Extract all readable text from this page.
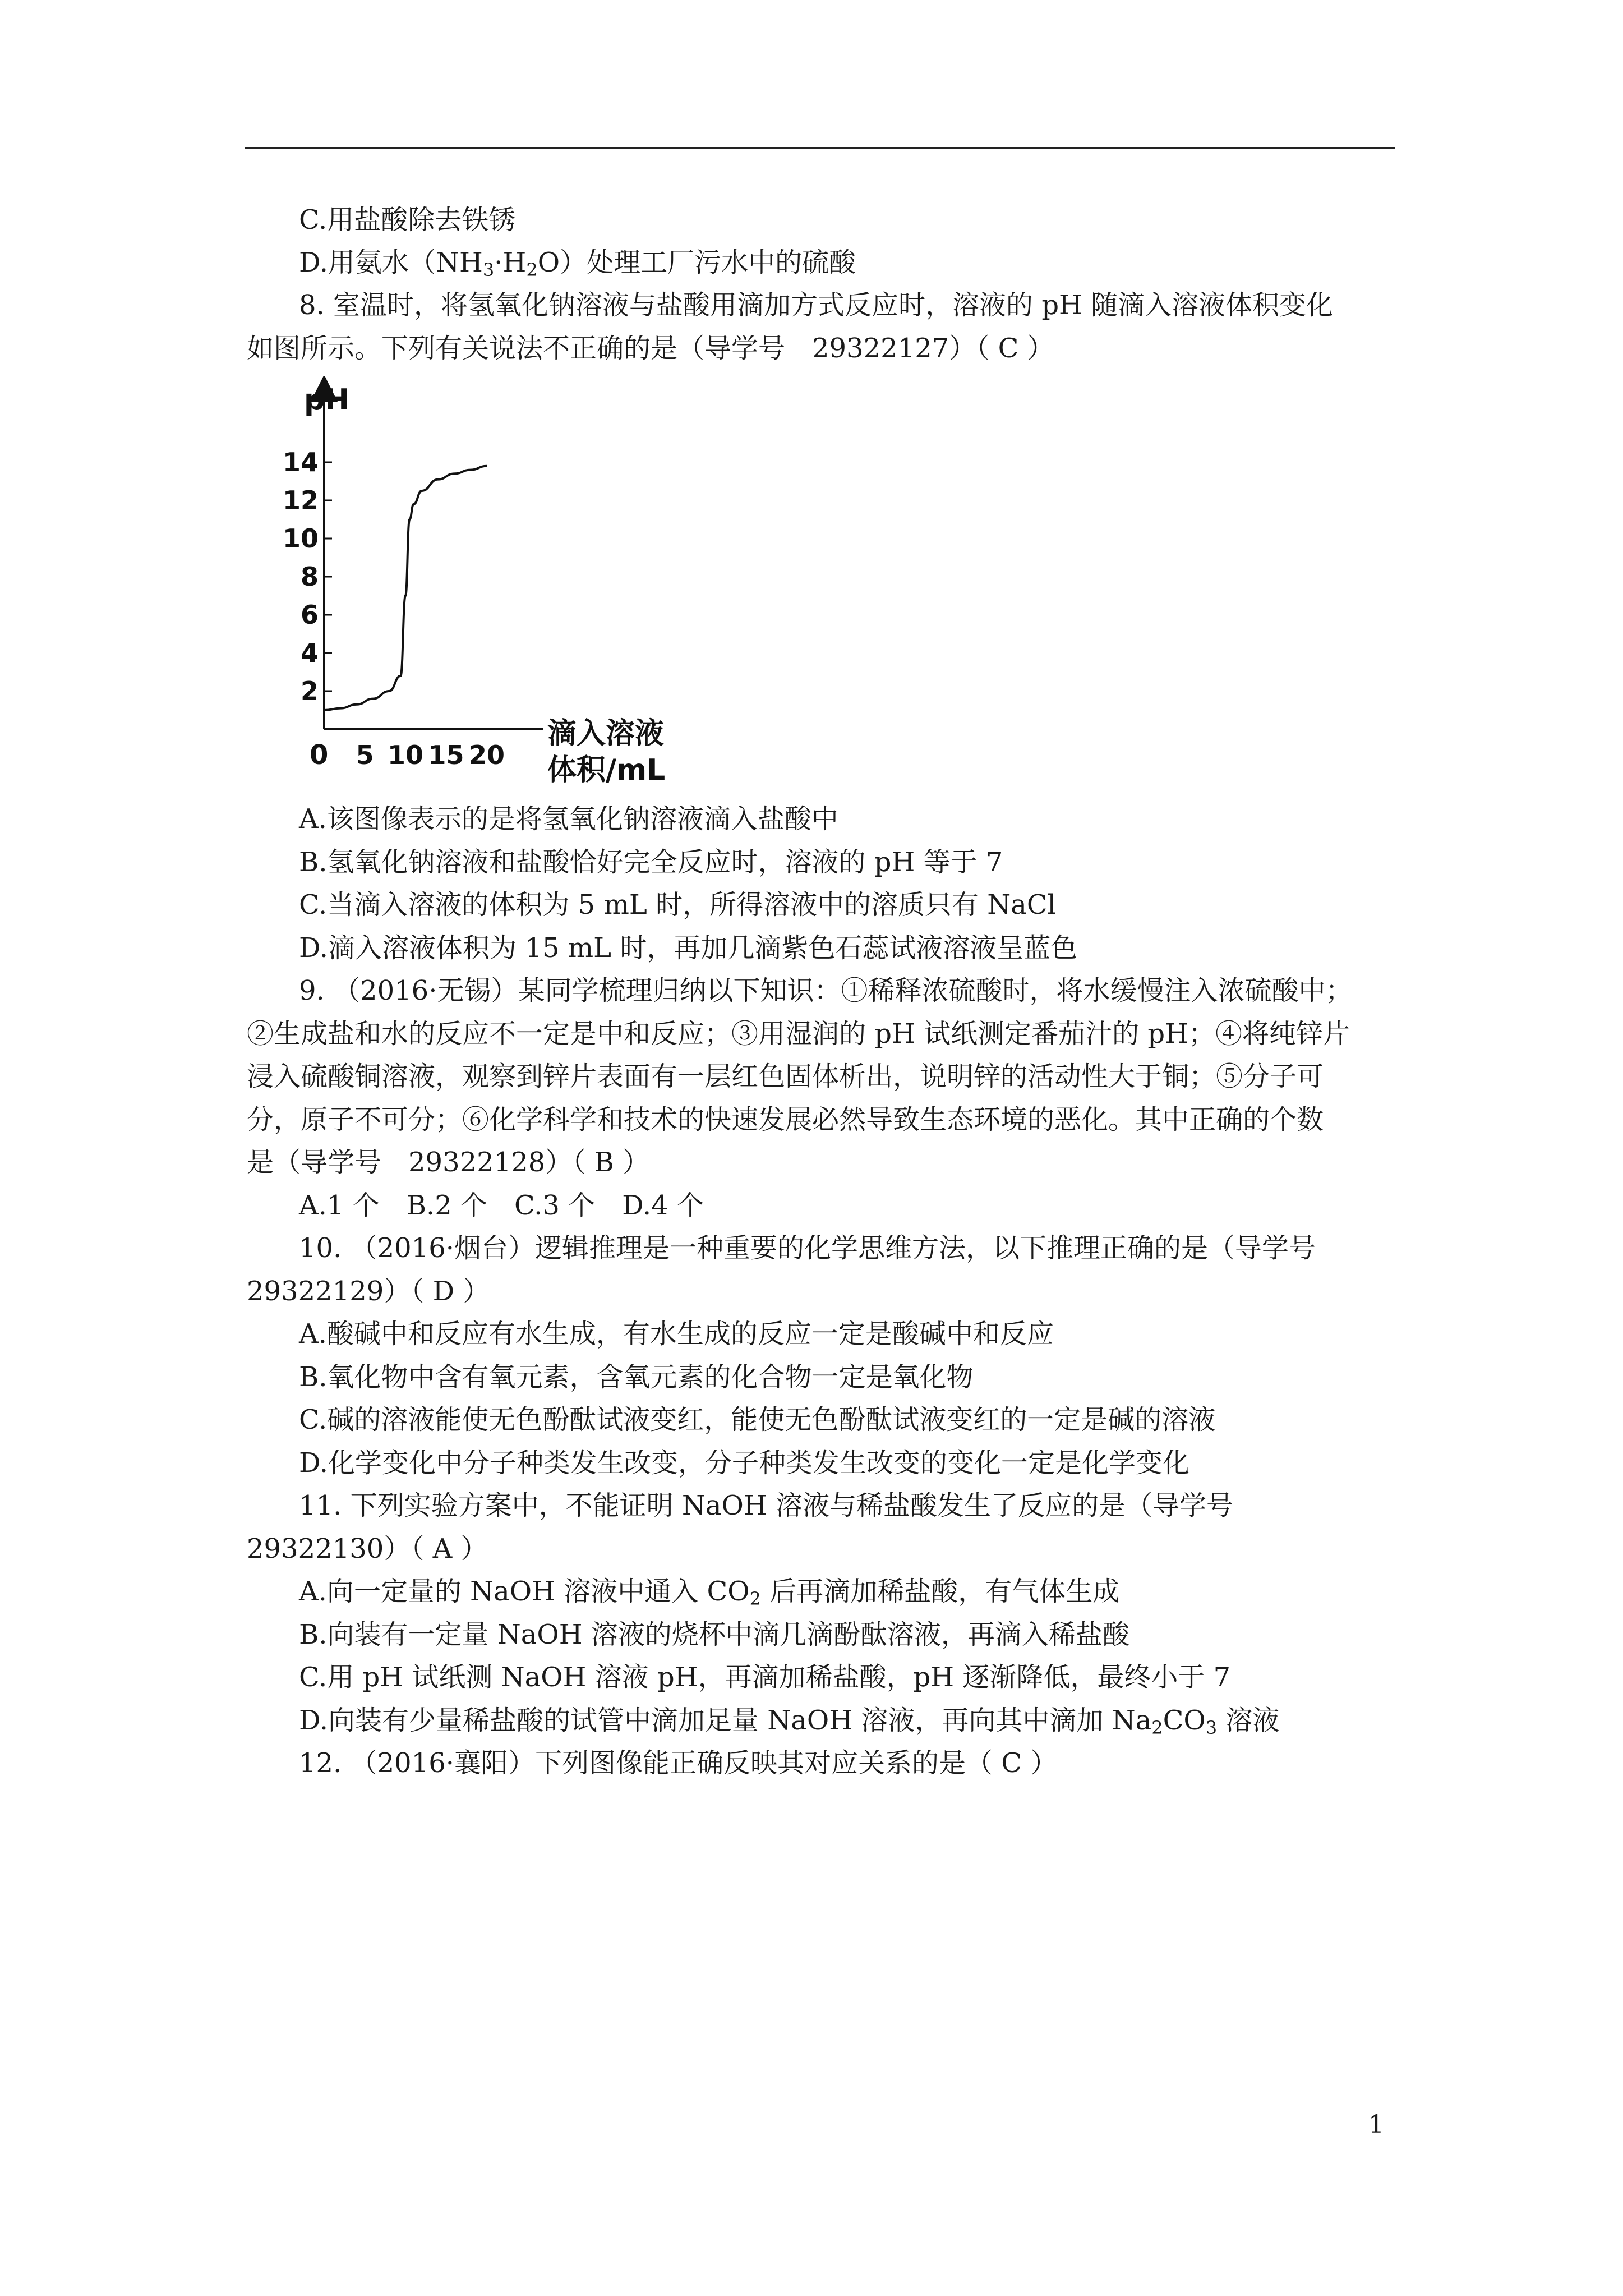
C.用盐酸除去铁锈
D.用氨水$(NH_3\cdot H_2O)$处理工厂污水中的硫酸
8. 室温时，将氢氧化钠溶液与盐酸用滴加方式反应时，溶液的 pH 随滴入溶液体积变化
如图所示。下列有关说法不正确的是（导学号　29322127）（ C ）
pH
2
4
6
8
10
12
14
5 10 15 20
0
滴入溶液
体积/mL
A.该图像表示的是将氢氧化钠溶液滴入盐酸中
B.氢氧化钠溶液和盐酸恰好完全反应时，溶液的 pH 等于 7
C.当滴入溶液的体积为 5 mL 时，所得溶液中的溶质只有 NaCl
D.滴入溶液体积为 15 mL 时，再加几滴紫色石蕊试液溶液呈蓝色
9. （2016·无锡）某同学梳理归纳以下知识：①稀释浓硫酸时，将水缓慢注入浓硫酸中；
②生成盐和水的反应不一定是中和反应；③用湿润的 pH 试纸测定番茄汁的 pH；④将纯锌片
浸入硫酸铜溶液，观察到锌片表面有一层红色固体析出，说明锌的活动性大于铜；⑤分子可
分，原子不可分；⑥化学科学和技术的快速发展必然导致生态环境的恶化。其中正确的个数
是（导学号　29322128）（ B ）
A.1 个　B.2 个　C.3 个　D.4 个
10. （2016·烟台）逻辑推理是一种重要的化学思维方法，以下推理正确的是（导学号
29322129）（ D ）
A.酸碱中和反应有水生成，有水生成的反应一定是酸碱中和反应
B.氧化物中含有氧元素，含氧元素的化合物一定是氧化物
C.碱的溶液能使无色酚酞试液变红，能使无色酚酞试液变红的一定是碱的溶液
D.化学变化中分子种类发生改变，分子种类发生改变的变化一定是化学变化
11. 下列实验方案中，不能证明 NaOH 溶液与稀盐酸发生了反应的是（导学号
29322130）（ A ）
A.向一定量的 NaOH 溶液中通入 $CO_2$ 后再滴加稀盐酸，有气体生成
B.向装有一定量 NaOH 溶液的烧杯中滴几滴酚酞溶液，再滴入稀盐酸
C.用 pH 试纸测 NaOH 溶液 pH，再滴加稀盐酸，pH 逐渐降低，最终小于 7
D.向装有少量稀盐酸的试管中滴加足量 NaOH 溶液，再向其中滴加 $Na_2CO_3$ 溶液
12. （2016·襄阳）下列图像能正确反映其对应关系的是（ C ）
1
